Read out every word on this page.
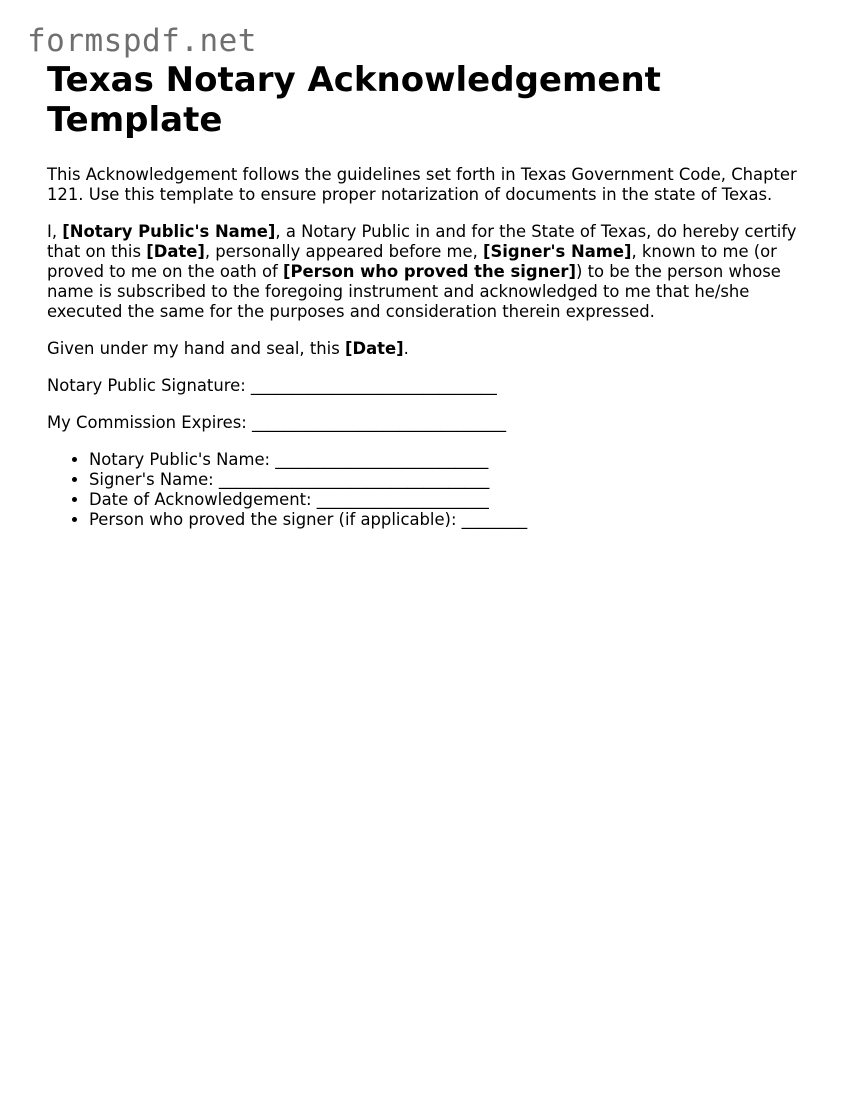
formspdf.net
Texas Notary Acknowledgement Template

This Acknowledgement follows the guidelines set forth in Texas Government Code, Chapter 121. Use this template to ensure proper notarization of documents in the state of Texas.

I, [Notary Public's Name], a Notary Public in and for the State of Texas, do hereby certify that on this [Date], personally appeared before me, [Signer's Name], known to me (or proved to me on the oath of [Person who proved the signer]) to be the person whose name is subscribed to the foregoing instrument and acknowledged to me that he/she executed the same for the purposes and consideration therein expressed.

Given under my hand and seal, this [Date].

Notary Public Signature: ______________________________

My Commission Expires: _______________________________

• Notary Public's Name: __________________________
• Signer's Name: _________________________________
• Date of Acknowledgement: _____________________
• Person who proved the signer (if applicable): ________
